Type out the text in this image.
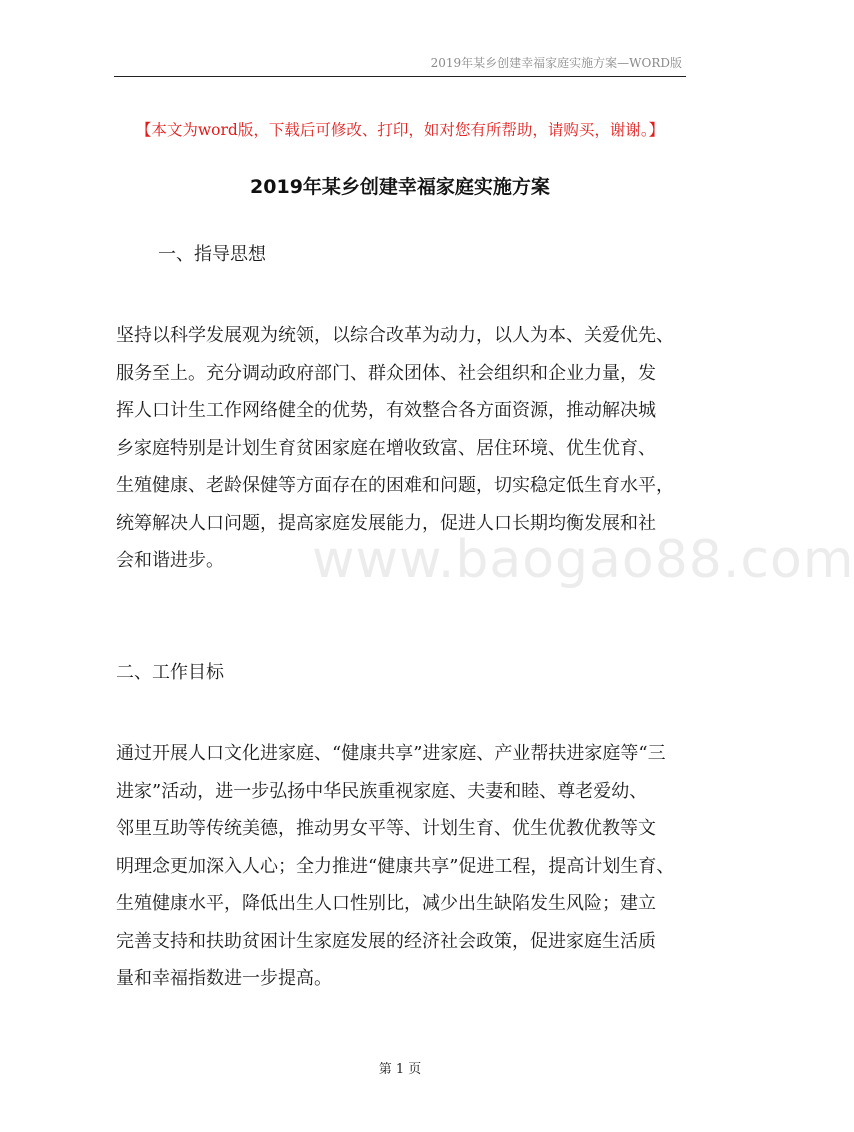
2019年某乡创建幸福家庭实施方案—WORD版
【本文为word版，下载后可修改、打印，如对您有所帮助，请购买，谢谢。】
2019年某乡创建幸福家庭实施方案
一、指导思想
坚持以科学发展观为统领，以综合改革为动力，以人为本、关爱优先、
服务至上。充分调动政府部门、群众团体、社会组织和企业力量，发
挥人口计生工作网络健全的优势，有效整合各方面资源，推动解决城
乡家庭特别是计划生育贫困家庭在增收致富、居住环境、优生优育、
生殖健康、老龄保健等方面存在的困难和问题，切实稳定低生育水平，
统筹解决人口问题，提高家庭发展能力，促进人口长期均衡发展和社
会和谐进步。	www.baogao88.com
二、工作目标
通过开展人口文化进家庭、“健康共享”进家庭、产业帮扶进家庭等“三
进家”活动，进一步弘扬中华民族重视家庭、夫妻和睦、尊老爱幼、
邻里互助等传统美德，推动男女平等、计划生育、优生优教优教等文
明理念更加深入人心；全力推进“健康共享”促进工程，提高计划生育、
生殖健康水平，降低出生人口性别比，减少出生缺陷发生风险；建立
完善支持和扶助贫困计生家庭发展的经济社会政策，促进家庭生活质
量和幸福指数进一步提高。
第 1 页
